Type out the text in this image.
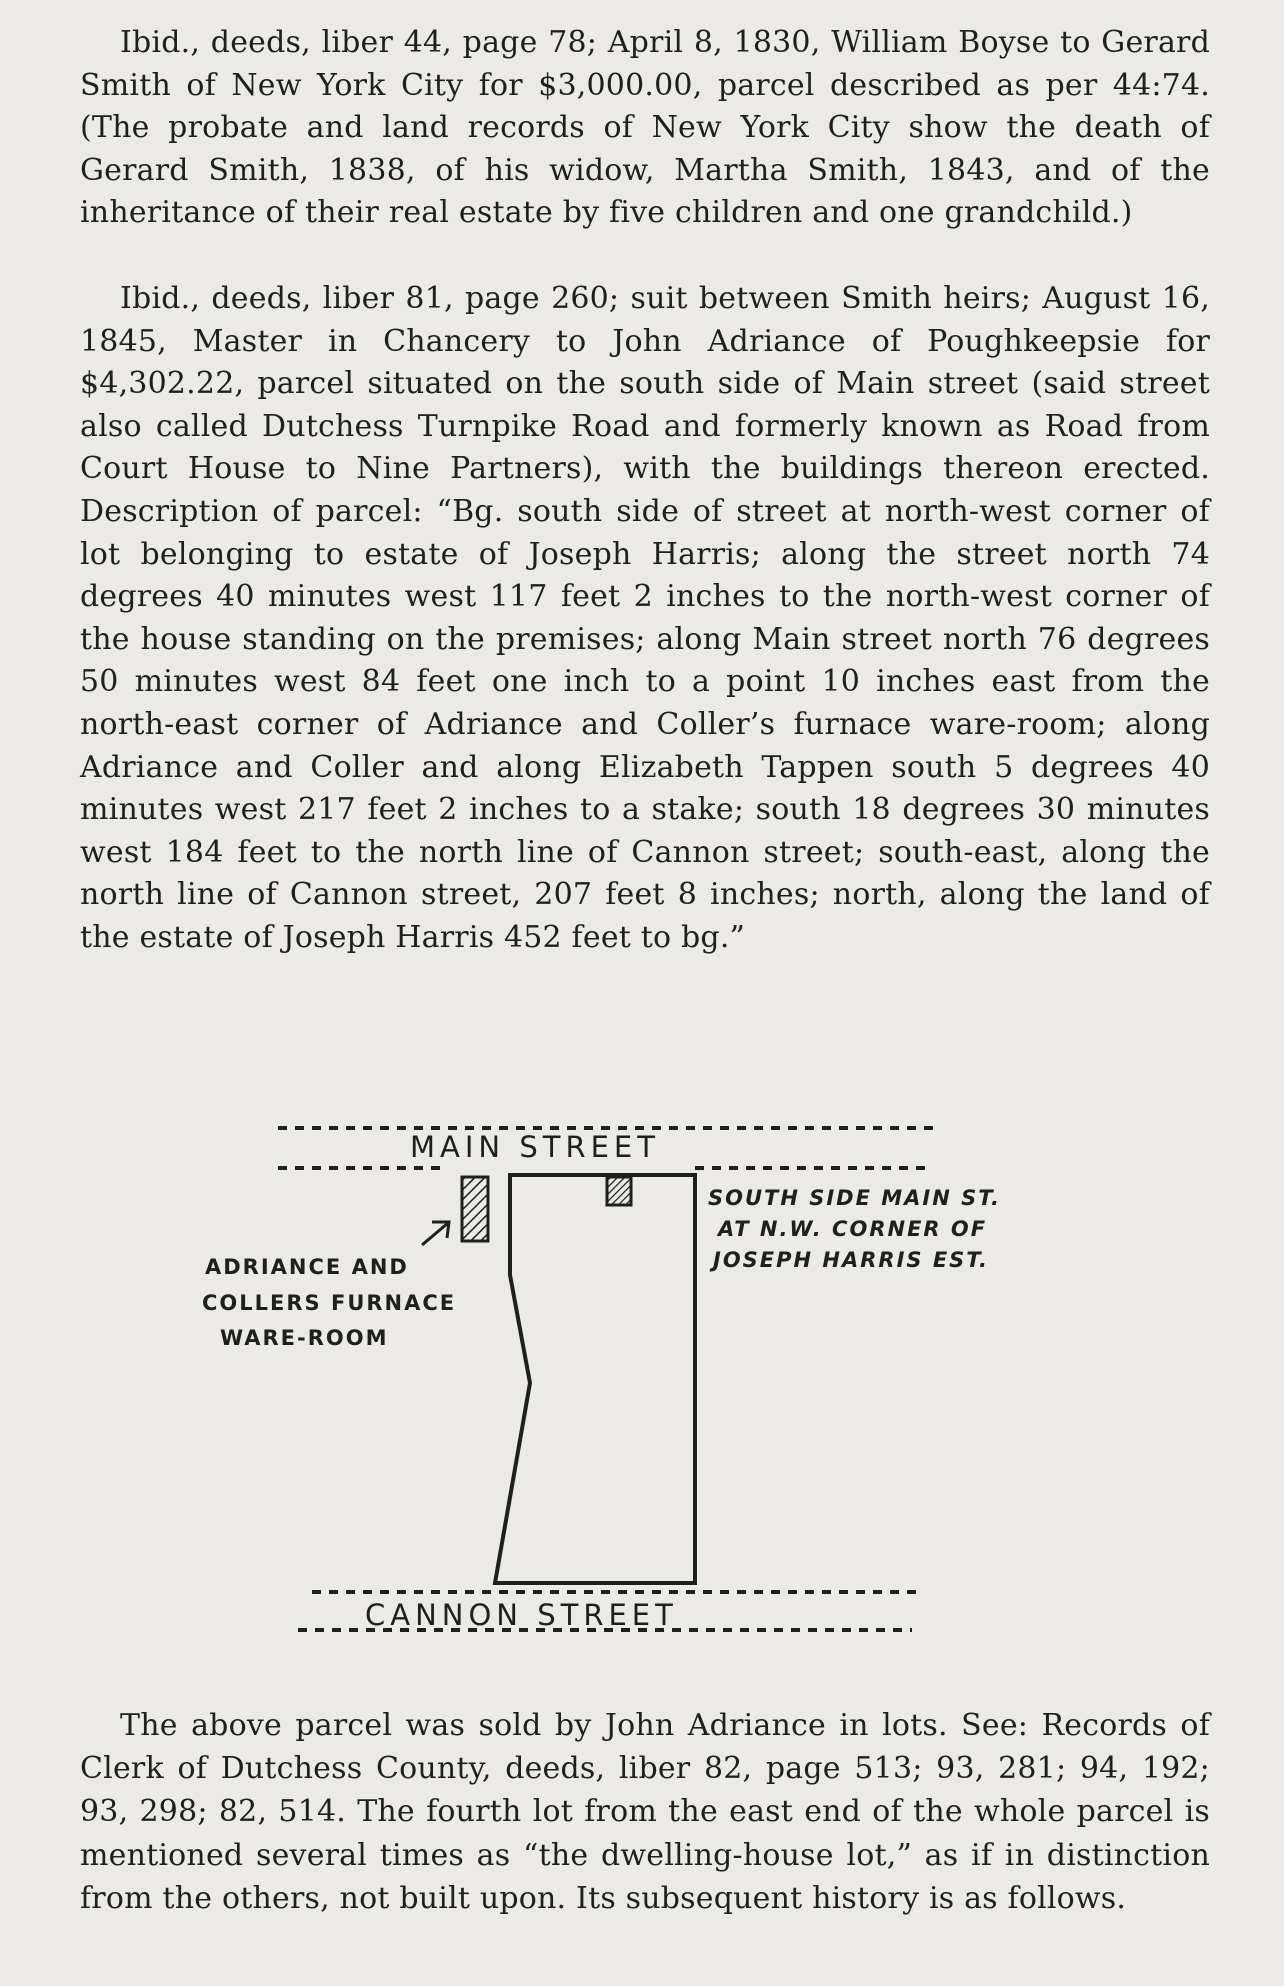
Ibid., deeds, liber 44, page 78; April 8, 1830, William Boyse to Gerard Smith of New York City for $3,000.00, parcel described as per 44:74. (The probate and land records of New York City show the death of Gerard Smith, 1838, of his widow, Martha Smith, 1843, and of the inheritance of their real estate by five children and one grandchild.)

Ibid., deeds, liber 81, page 260; suit between Smith heirs; August 16, 1845, Master in Chancery to John Adriance of Poughkeepsie for $4,302.22, parcel situated on the south side of Main street (said street also called Dutchess Turnpike Road and formerly known as Road from Court House to Nine Partners), with the buildings thereon erected. Description of parcel: “Bg. south side of street at north-west corner of lot belonging to estate of Joseph Harris; along the street north 74 degrees 40 minutes west 117 feet 2 inches to the north-west corner of the house standing on the premises; along Main street north 76 degrees 50 minutes west 84 feet one inch to a point 10 inches east from the north-east corner of Adriance and Coller’s furnace ware-room; along Adriance and Coller and along Elizabeth Tappen south 5 degrees 40 minutes west 217 feet 2 inches to a stake; south 18 degrees 30 minutes west 184 feet to the north line of Cannon street; south-east, along the north line of Cannon street, 207 feet 8 inches; north, along the land of the estate of Joseph Harris 452 feet to bg.”

MAIN STREET
ADRIANCE AND
COLLERS FURNACE
WARE-ROOM
SOUTH SIDE MAIN ST.
AT N.W. CORNER OF
JOSEPH HARRIS EST.
CANNON STREET

The above parcel was sold by John Adriance in lots. See: Records of Clerk of Dutchess County, deeds, liber 82, page 513; 93, 281; 94, 192; 93, 298; 82, 514. The fourth lot from the east end of the whole parcel is mentioned several times as “the dwelling-house lot,” as if in distinction from the others, not built upon. Its subsequent history is as follows.
